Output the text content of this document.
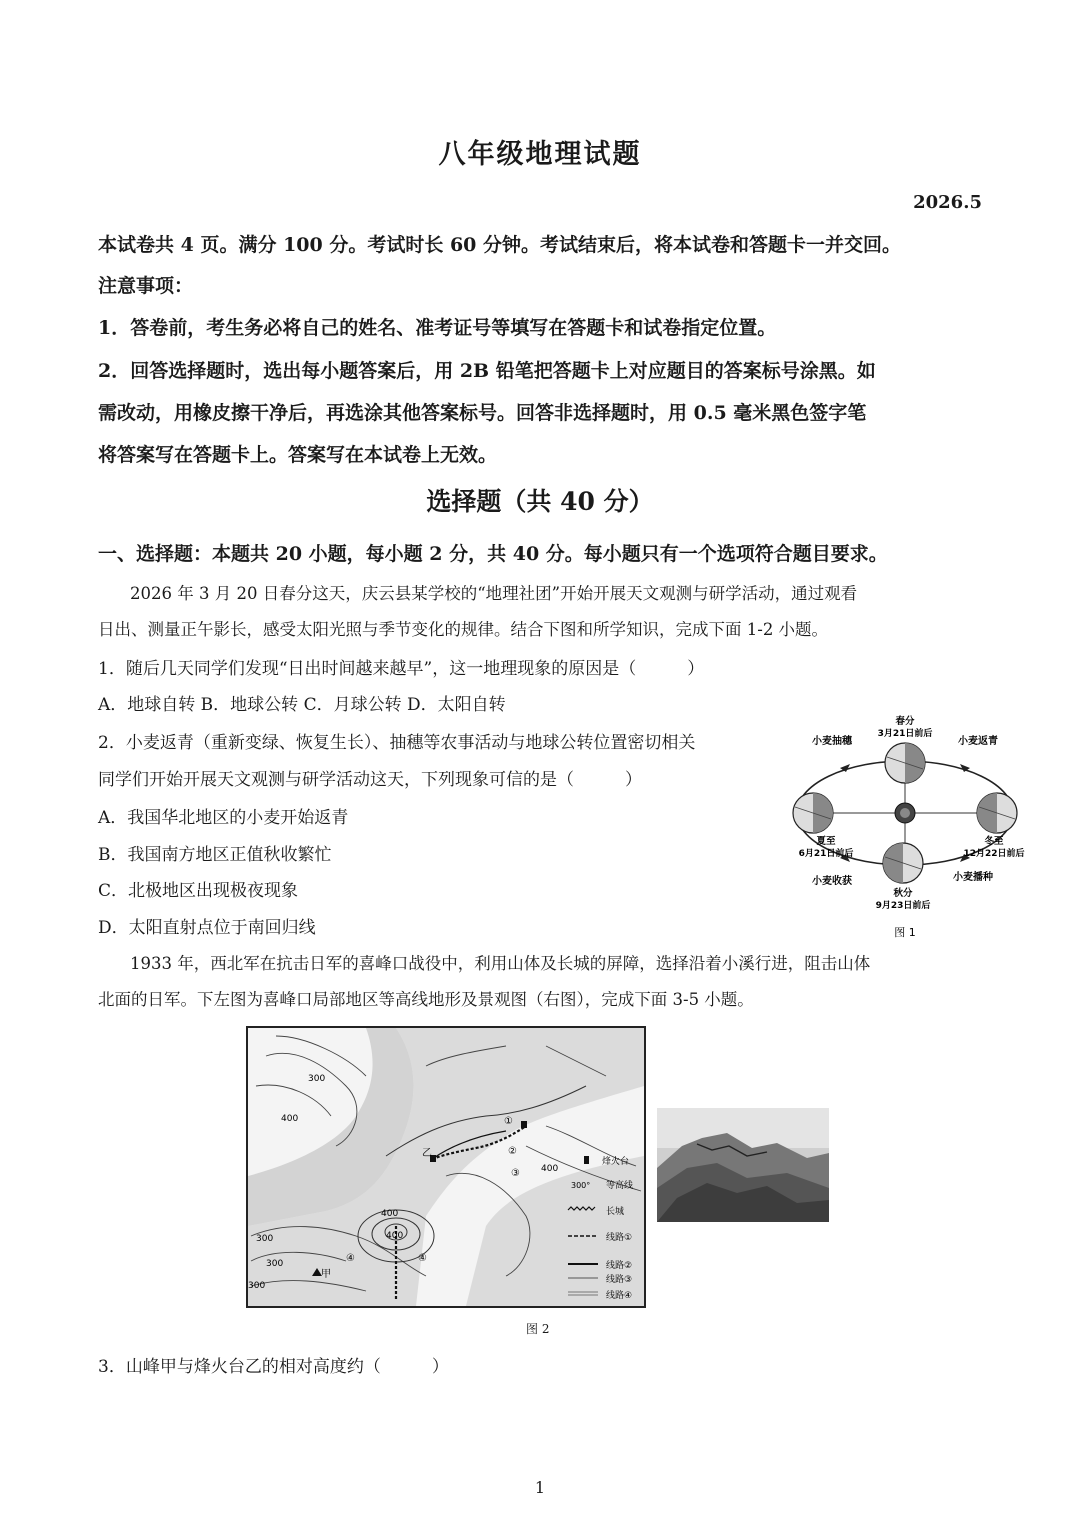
八年级地理试题
2026.5
本试卷共 4 页。满分 100 分。考试时长 60 分钟。考试结束后，将本试卷和答题卡一并交回。
注意事项：
1．答卷前，考生务必将自己的姓名、准考证号等填写在答题卡和试卷指定位置。
2．回答选择题时，选出每小题答案后，用 2B 铅笔把答题卡上对应题目的答案标号涂黑。如
需改动，用橡皮擦干净后，再选涂其他答案标号。回答非选择题时，用 0.5 毫米黑色签字笔
将答案写在答题卡上。答案写在本试卷上无效。
选择题（共 40 分）
一、选择题：本题共 20 小题，每小题 2 分，共 40 分。每小题只有一个选项符合题目要求。
2026 年 3 月 20 日春分这天，庆云县某学校的“地理社团”开始开展天文观测与研学活动，通过观看
日出、测量正午影长，感受太阳光照与季节变化的规律。结合下图和所学知识，完成下面 1-2 小题。
1．随后几天同学们发现“日出时间越来越早”，这一地理现象的原因是（　　　）
A．地球自转 B．地球公转 C．月球公转 D．太阳自转
2．小麦返青（重新变绿、恢复生长）、抽穗等农事活动与地球公转位置密切相关
同学们开始开展天文观测与研学活动这天，下列现象可信的是（　　　）
A．我国华北地区的小麦开始返青
B．我国南方地区正值秋收繁忙
C．北极地区出现极夜现象
D．太阳直射点位于南回归线
春分
3月21日前后
小麦抽穗	小麦返青
夏至
6月21日前后
冬至
12月22日前后
小麦收获	小麦播种
秋分
9月23日前后
图 1
1933 年，西北军在抗击日军的喜峰口战役中，利用山体及长城的屏障，选择沿着小溪行进，阻击山体
北面的日军。下左图为喜峰口局部地区等高线地形及景观图（右图），完成下面 3-5 小题。
甲
乙
300
300
300
300
400
400
400
400	①
②
③
④	④
烽火台
300° 等高线
长城
线路①
线路②
线路③
线路④
图 2
3．山峰甲与烽火台乙的相对高度约（　　　）
1
